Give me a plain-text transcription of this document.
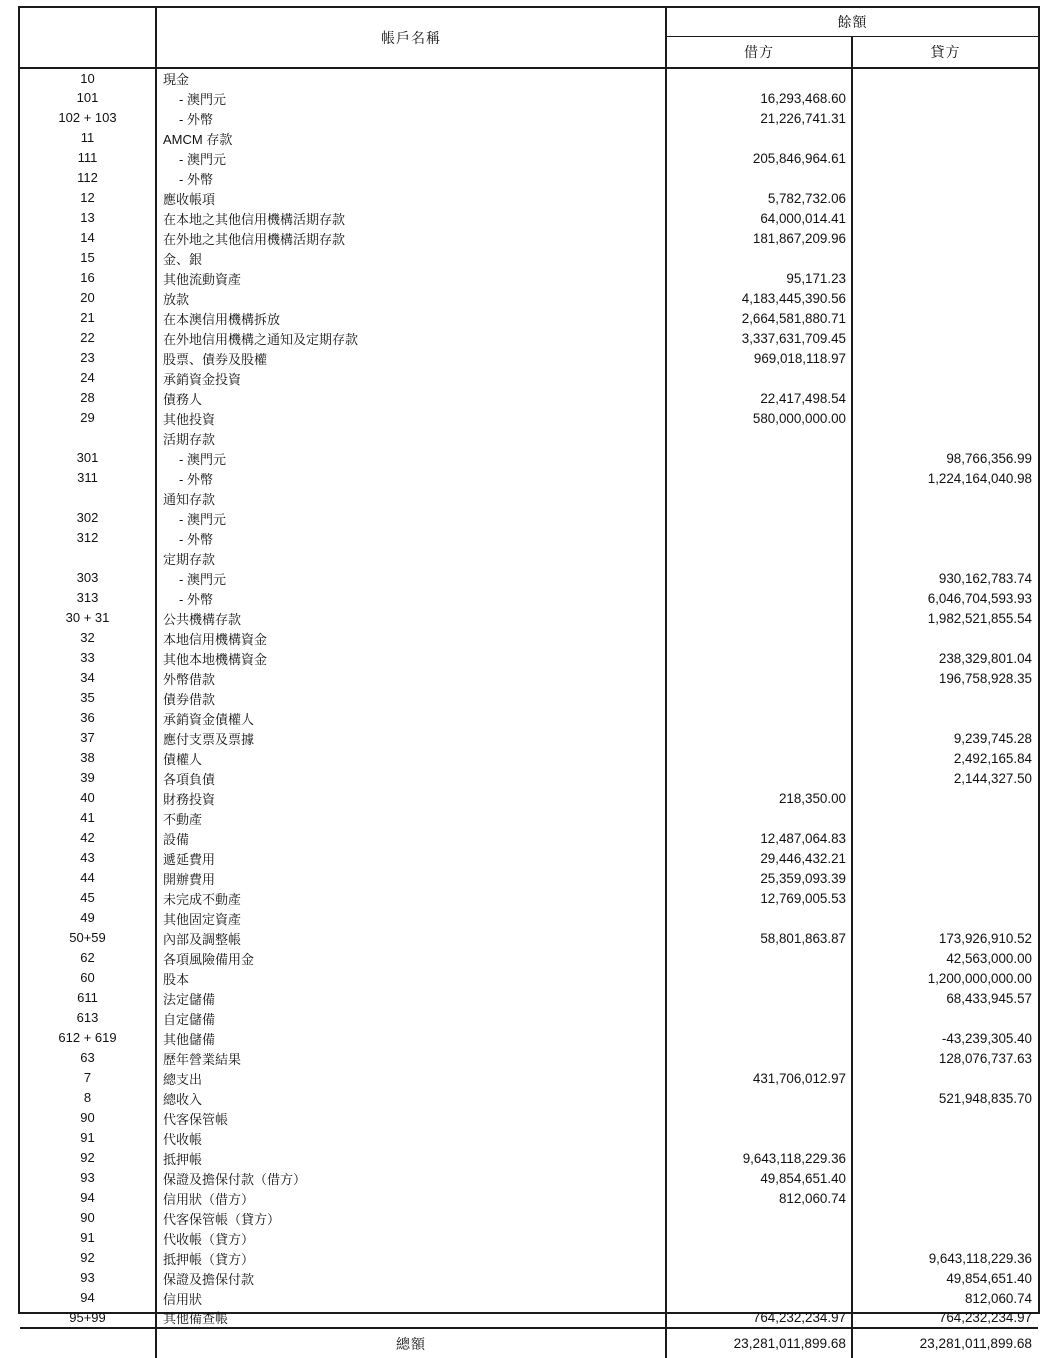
	帳戶名稱	餘額	
		借方	貸方
10	現金		
101	- 澳門元	16,293,468.60	
102 + 103	- 外幣	21,226,741.31	
11	AMCM 存款		
111	- 澳門元	205,846,964.61	
112	- 外幣		
12	應收帳項	5,782,732.06	
13	在本地之其他信用機構活期存款	64,000,014.41	
14	在外地之其他信用機構活期存款	181,867,209.96	
15	金、銀		
16	其他流動資產	95,171.23	
20	放款	4,183,445,390.56	
21	在本澳信用機構拆放	2,664,581,880.71	
22	在外地信用機構之通知及定期存款	3,337,631,709.45	
23	股票、債券及股權	969,018,118.97	
24	承銷資金投資		
28	債務人	22,417,498.54	
29	其他投資	580,000,000.00	
	活期存款		
301	- 澳門元		98,766,356.99
311	- 外幣		1,224,164,040.98
	通知存款		
302	- 澳門元		
312	- 外幣		
	定期存款		
303	- 澳門元		930,162,783.74
313	- 外幣		6,046,704,593.93
30 + 31	公共機構存款		1,982,521,855.54
32	本地信用機構資金		
33	其他本地機構資金		238,329,801.04
34	外幣借款		196,758,928.35
35	債券借款		
36	承銷資金債權人		
37	應付支票及票據		9,239,745.28
38	債權人		2,492,165.84
39	各項負債		2,144,327.50
40	財務投資	218,350.00	
41	不動產		
42	設備	12,487,064.83	
43	遞延費用	29,446,432.21	
44	開辦費用	25,359,093.39	
45	未完成不動產	12,769,005.53	
49	其他固定資產		
50+59	內部及調整帳	58,801,863.87	173,926,910.52
62	各項風險備用金		42,563,000.00
60	股本		1,200,000,000.00
611	法定儲備		68,433,945.57
613	自定儲備		
612 + 619	其他儲備		-43,239,305.40
63	歷年營業結果		128,076,737.63
7	總支出	431,706,012.97	
8	總收入		521,948,835.70
90	代客保管帳		
91	代收帳		
92	抵押帳	9,643,118,229.36	
93	保證及擔保付款（借方）	49,854,651.40	
94	信用狀（借方）	812,060.74	
90	代客保管帳（貸方）		
91	代收帳（貸方）		
92	抵押帳（貸方）		9,643,118,229.36
93	保證及擔保付款		49,854,651.40
94	信用狀		812,060.74
95+99	其他備查帳	764,232,234.97	764,232,234.97
	總額	23,281,011,899.68	23,281,011,899.68
